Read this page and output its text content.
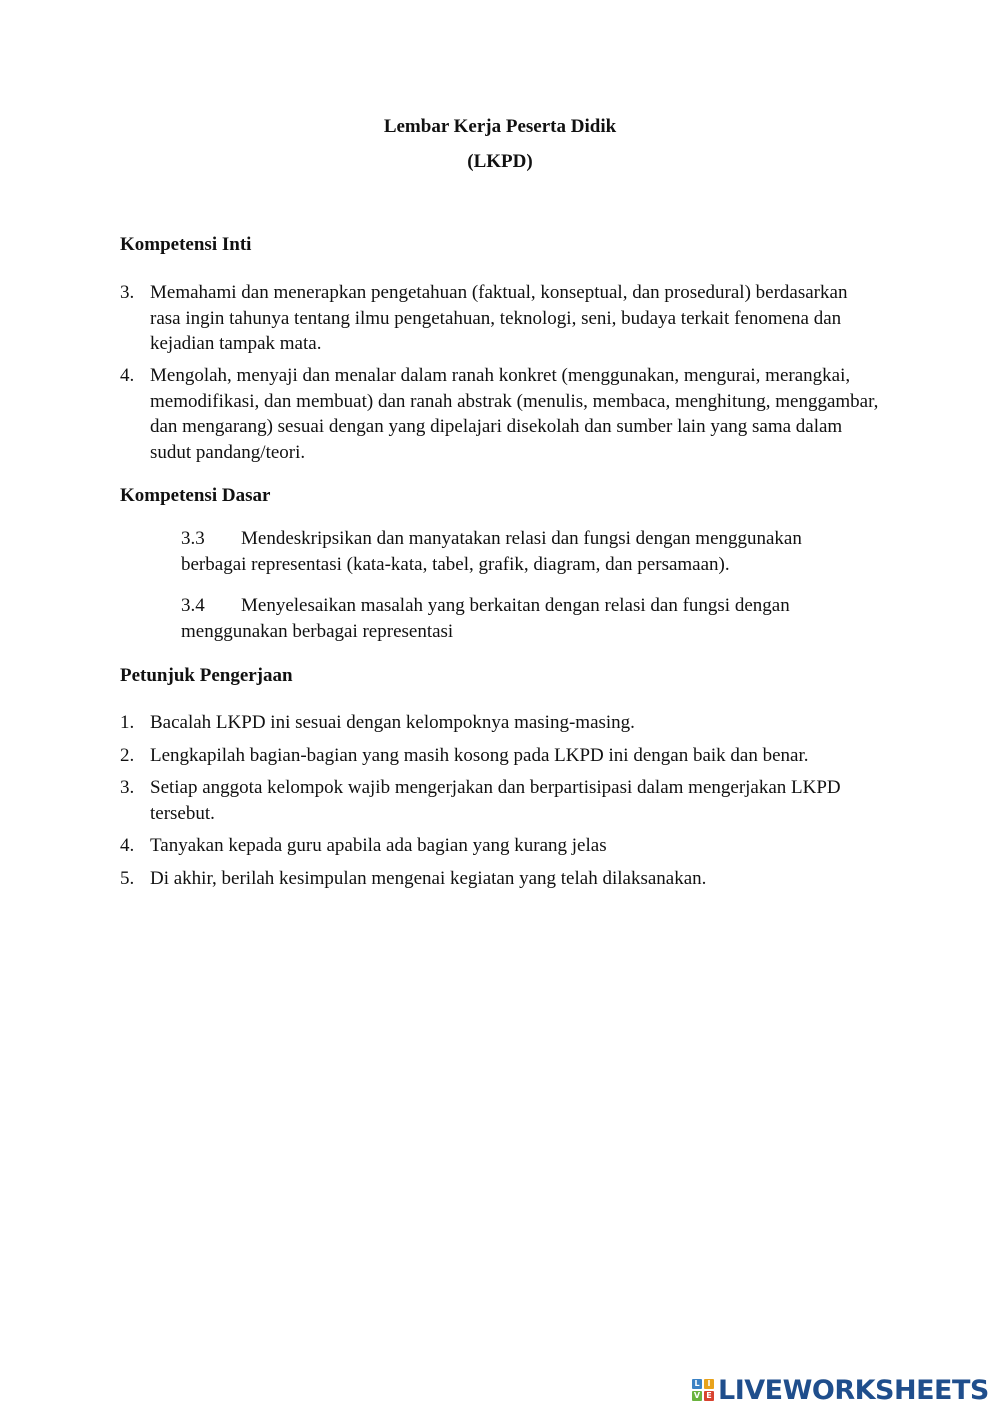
Lembar Kerja Peserta Didik
(LKPD)
Kompetensi Inti
3. Memahami dan menerapkan pengetahuan (faktual, konseptual, dan prosedural) berdasarkan rasa ingin tahunya tentang ilmu pengetahuan, teknologi, seni, budaya terkait fenomena dan kejadian tampak mata.
4. Mengolah, menyaji dan menalar dalam ranah konkret (menggunakan, mengurai, merangkai, memodifikasi, dan membuat) dan ranah abstrak (menulis, membaca, menghitung, menggambar, dan mengarang) sesuai dengan yang dipelajari disekolah dan sumber lain yang sama dalam sudut pandang/teori.
Kompetensi Dasar
3.3 Mendeskripsikan dan manyatakan relasi dan fungsi dengan menggunakan berbagai representasi (kata-kata, tabel, grafik, diagram, dan persamaan).
3.4 Menyelesaikan masalah yang berkaitan dengan relasi dan fungsi dengan menggunakan berbagai representasi
Petunjuk Pengerjaan
1. Bacalah LKPD ini sesuai dengan kelompoknya masing-masing.
2. Lengkapilah bagian-bagian yang masih kosong pada LKPD ini dengan baik dan benar.
3. Setiap anggota kelompok wajib mengerjakan dan berpartisipasi dalam mengerjakan LKPD tersebut.
4. Tanyakan kepada guru apabila ada bagian yang kurang jelas
5. Di akhir, berilah kesimpulan mengenai kegiatan yang telah dilaksanakan.
L I
V E LIVEWORKSHEETS
